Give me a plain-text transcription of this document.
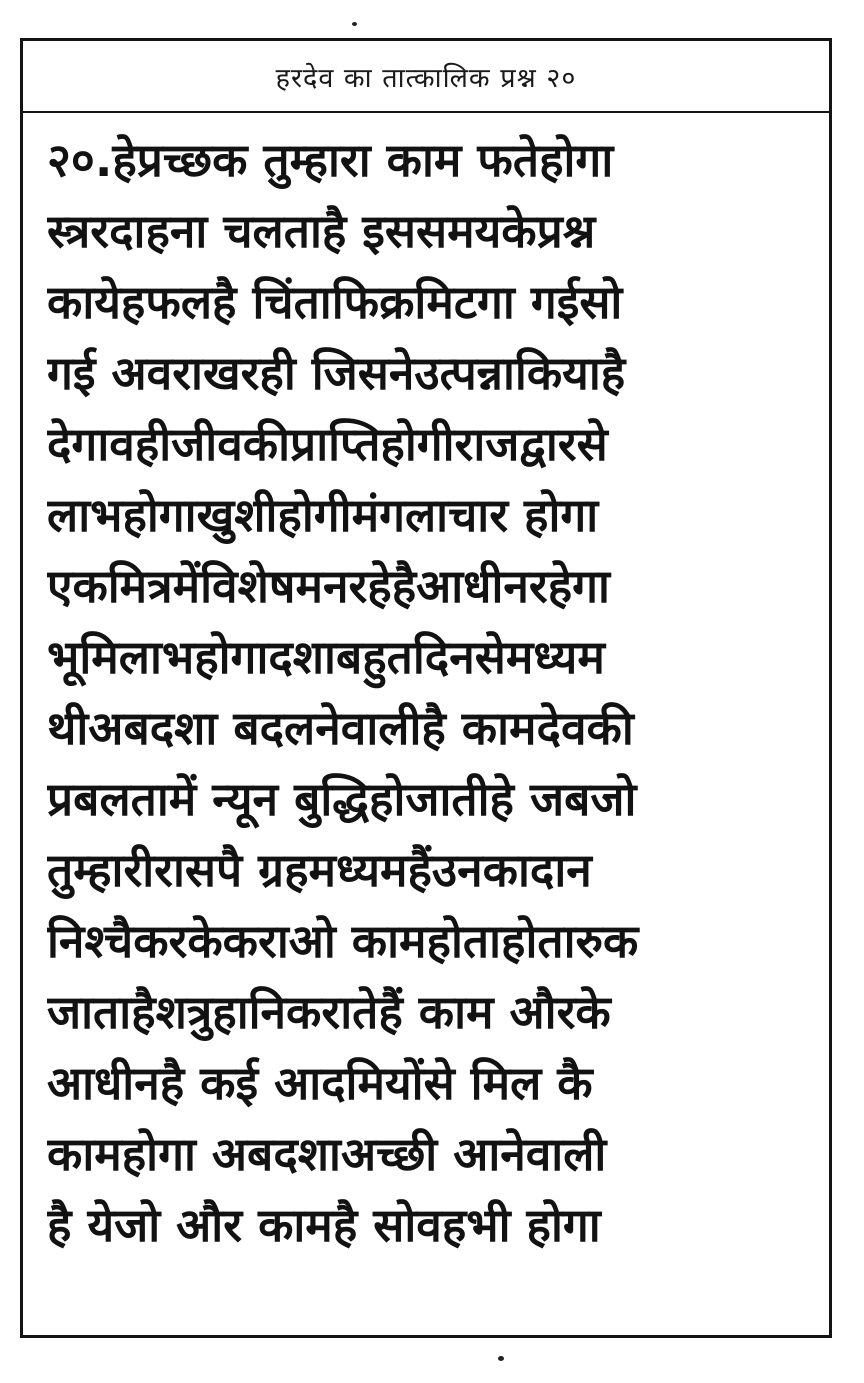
हरदेव का तात्कालिक प्रश्न २०
२०.हेप्रच्छक तुम्हारा काम फतेहोगा
स्त्ररदाहना चलताहै इससमयकेप्रश्न
कायेहफलहै चिंताफिक्रमिटगा गईसो
गई अवराखरही जिसनेउत्पन्नाकियाहै
देगावहीजीवकीप्राप्तिहोगीराजद्वारसे
लाभहोगाखुशीहोगीमंगलाचार होगा
एकमित्रमेंविशेषमनरहेहैआधीनरहेगा
भूमिलाभहोगादशाबहुतदिनसेमध्यम
थीअबदशा बदलनेवालीहै कामदेवकी
प्रबलतामें न्यून बुद्धिहोजातीहे जबजो
तुम्हारीरासपै ग्रहमध्यमहैंउनकादान
निश्चैकरकेकराओ कामहोताहोतारुक
जाताहैशत्रुहानिकरातेहैं काम औरके
आधीनहै कई आदमियोंसे मिल कै
कामहोगा अबदशाअच्छी आनेवाली
है येजो और कामहै सोवहभी होगा
